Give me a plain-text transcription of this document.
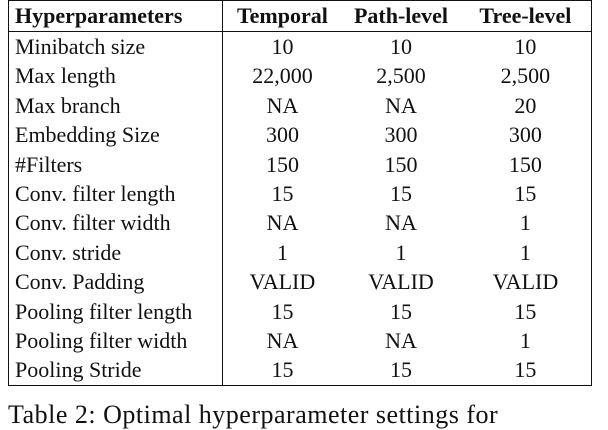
Hyperparameters	Temporal	Path-level	Tree-level
Minibatch size	10	10	10
Max length	22,000	2,500	2,500
Max branch	NA	NA	20
Embedding Size	300	300	300
#Filters	150	150	150
Conv. filter length	15	15	15
Conv. filter width	NA	NA	1
Conv. stride	1	1	1
Conv. Padding	VALID	VALID	VALID
Pooling filter length	15	15	15
Pooling filter width	NA	NA	1
Pooling Stride	15	15	15
Table 2: Optimal hyperparameter settings for
